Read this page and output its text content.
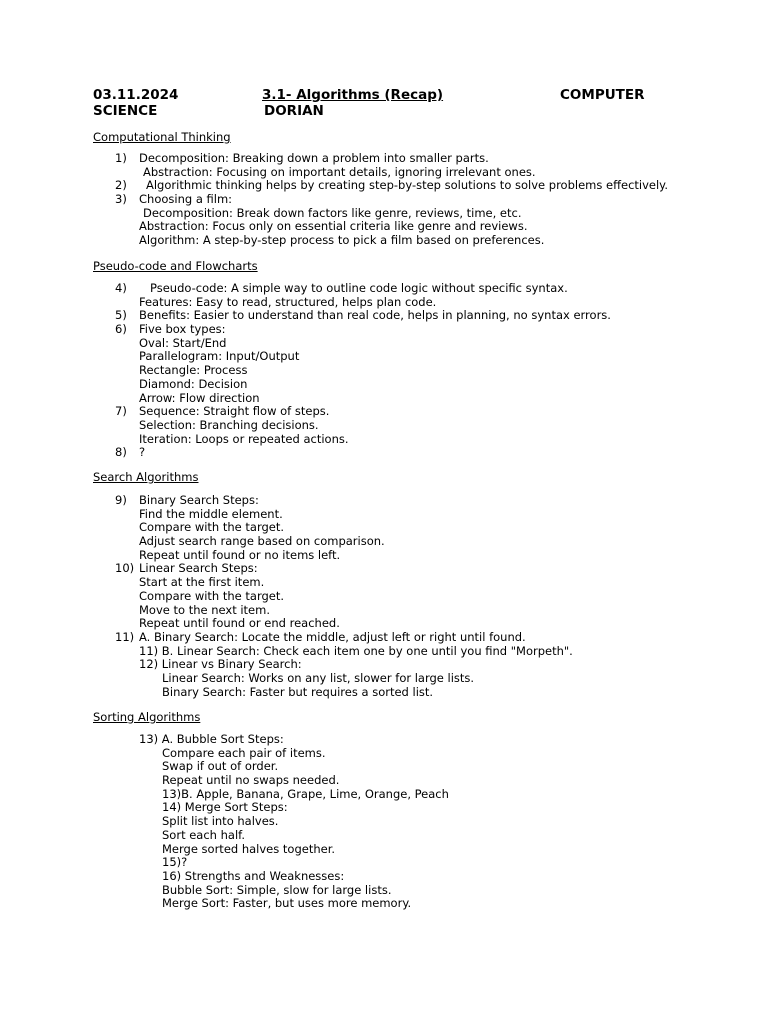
03.11.2024	3.1- Algorithms (Recap)	COMPUTER
SCIENCE	DORIAN
Computational Thinking
1) Decomposition: Breaking down a problem into smaller parts.
Abstraction: Focusing on important details, ignoring irrelevant ones.
2) Algorithmic thinking helps by creating step-by-step solutions to solve problems effectively.
3) Choosing a film:
Decomposition: Break down factors like genre, reviews, time, etc.
Abstraction: Focus only on essential criteria like genre and reviews.
Algorithm: A step-by-step process to pick a film based on preferences.
Pseudo-code and Flowcharts
4) Pseudo-code: A simple way to outline code logic without specific syntax.
Features: Easy to read, structured, helps plan code.
5) Benefits: Easier to understand than real code, helps in planning, no syntax errors.
6) Five box types:
Oval: Start/End
Parallelogram: Input/Output
Rectangle: Process
Diamond: Decision
Arrow: Flow direction
7) Sequence: Straight flow of steps.
Selection: Branching decisions.
Iteration: Loops or repeated actions.
8) ?
Search Algorithms
9) Binary Search Steps:
Find the middle element.
Compare with the target.
Adjust search range based on comparison.
Repeat until found or no items left.
10) Linear Search Steps:
Start at the first item.
Compare with the target.
Move to the next item.
Repeat until found or end reached.
11) A. Binary Search: Locate the middle, adjust left or right until found.
11) B. Linear Search: Check each item one by one until you find "Morpeth".
12) Linear vs Binary Search:
Linear Search: Works on any list, slower for large lists.
Binary Search: Faster but requires a sorted list.
Sorting Algorithms
13) A. Bubble Sort Steps:
Compare each pair of items.
Swap if out of order.
Repeat until no swaps needed.
13)B. Apple, Banana, Grape, Lime, Orange, Peach
14) Merge Sort Steps:
Split list into halves.
Sort each half.
Merge sorted halves together.
15)?
16) Strengths and Weaknesses:
Bubble Sort: Simple, slow for large lists.
Merge Sort: Faster, but uses more memory.
